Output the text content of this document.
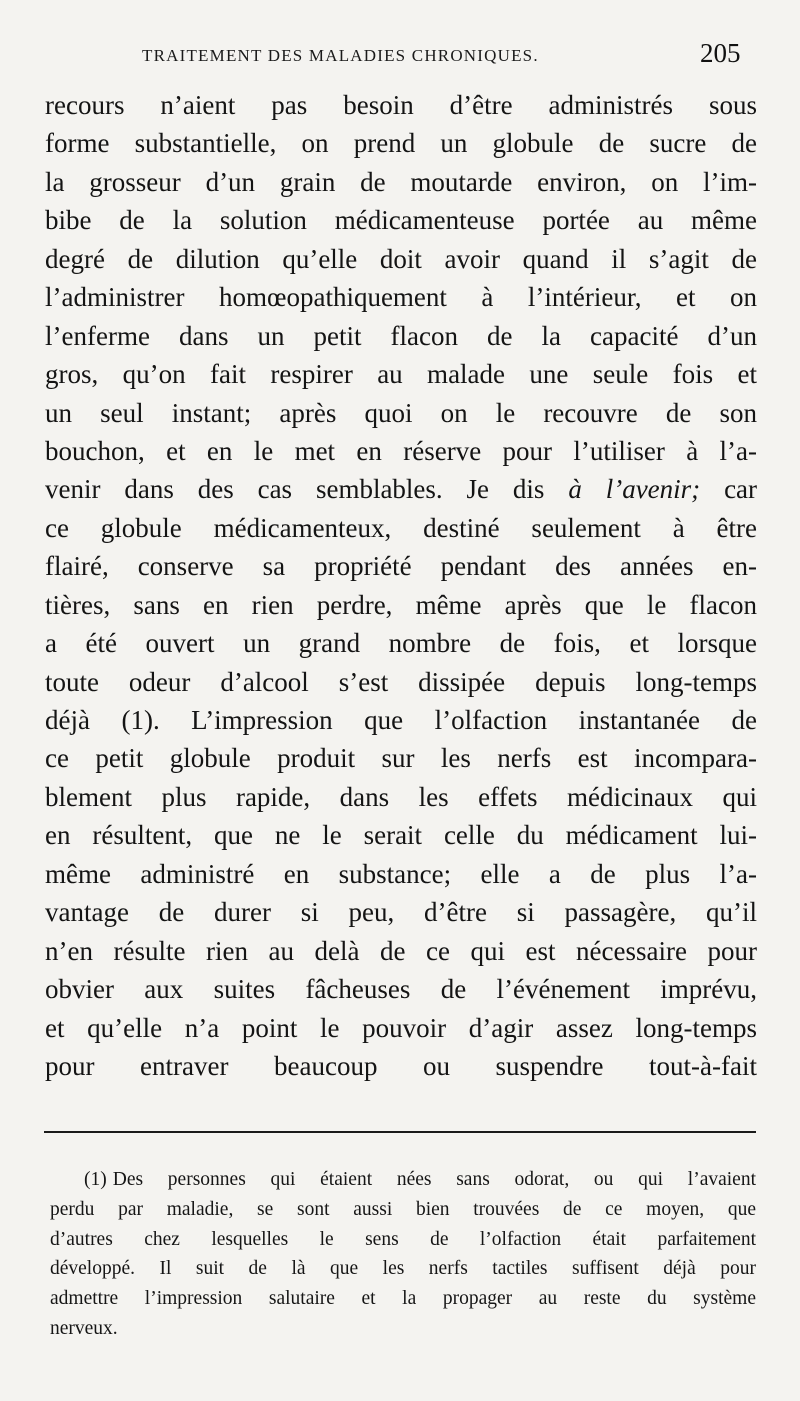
TRAITEMENT DES MALADIES CHRONIQUES.	205
recours n’aient pas besoin d’être administrés sous
forme substantielle, on prend un globule de sucre de
la grosseur d’un grain de moutarde environ, on l’im-
bibe de la solution médicamenteuse portée au même
degré de dilution qu’elle doit avoir quand il s’agit de
l’administrer homœopathiquement à l’intérieur, et on
l’enferme dans un petit flacon de la capacité d’un
gros, qu’on fait respirer au malade une seule fois et
un seul instant; après quoi on le recouvre de son
bouchon, et en le met en réserve pour l’utiliser à l’a-
venir dans des cas semblables. Je dis à l’avenir; car
ce globule médicamenteux, destiné seulement à être
flairé, conserve sa propriété pendant des années en-
tières, sans en rien perdre, même après que le flacon
a été ouvert un grand nombre de fois, et lorsque
toute odeur d’alcool s’est dissipée depuis long-temps
déjà (1). L’impression que l’olfaction instantanée de
ce petit globule produit sur les nerfs est incompara-
blement plus rapide, dans les effets médicinaux qui
en résultent, que ne le serait celle du médicament lui-
même administré en substance; elle a de plus l’a-
vantage de durer si peu, d’être si passagère, qu’il
n’en résulte rien au delà de ce qui est nécessaire pour
obvier aux suites fâcheuses de l’événement imprévu,
et qu’elle n’a point le pouvoir d’agir assez long-temps
pour entraver beaucoup ou suspendre tout-à-fait
(1) Des personnes qui étaient nées sans odorat, ou qui l’avaient
perdu par maladie, se sont aussi bien trouvées de ce moyen, que
d’autres chez lesquelles le sens de l’olfaction était parfaitement
développé. Il suit de là que les nerfs tactiles suffisent déjà pour
admettre l’impression salutaire et la propager au reste du système
nerveux.
